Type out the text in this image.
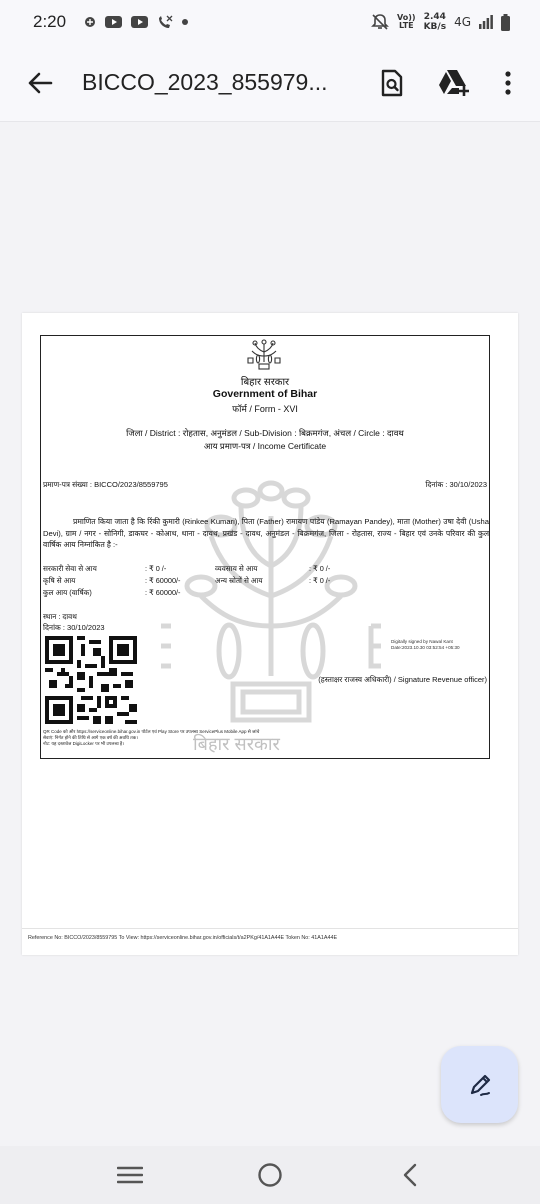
2:20	Vo))
LTE
2.44
KB/s 4G
BICCO_2023_855979...
बिहार सरकार
बिहार सरकार
Government of Bihar
फॉर्म / Form - XVI
जिला / District : रोहतास, अनुमंडल / Sub-Division : बिक्रमगंज, अंचल / Circle : दावथ
आय प्रमाण-पत्र / Income Certificate
प्रमाण-पत्र संख्या : BICCO/2023/8559795	दिनांक : 30/10/2023
प्रमाणित किया जाता है कि रिंकी कुमारी (Rinkee Kumari), पिता (Father) रामायण पांडेय (Ramayan Pandey), माता (Mother) उषा देवी (Usha Devi), ग्राम / नगर - सोनिगी, डाकघर - कोआथ, थाना - दावथ, प्रखंड - दावथ, अनुमंडल - बिक्रमगंज, जिला - रोहतास, राज्य - बिहार एवं उनके परिवार की कुल वार्षिक आय निम्नांकित है :-
सरकारी सेवा से आय	: ₹ 0 /-	व्यवसाय से आय	: ₹ 0 /-
कृषि से आय	: ₹ 60000/-	अन्य स्रोतों से आय	: ₹ 0 /-
कुल आय (वार्षिक)	: ₹ 60000/-
स्थान : दावथ
दिनांक : 30/10/2023
Digitally signed by Nawal Kant
Date:2023.10.30 03:52:54 +05:30
(हस्ताक्षर राजस्व अधिकारी) / Signature Revenue officer)
QR Code को और https://serviceonline.bihar.gov.in पोर्टल एवं Play Store पर उपलब्ध ServicePlus Mobile App से जांचे
सेवाएं: निर्गत होने की तिथि से आगे एक वर्ष की अवधि तक।
नोट: यह दस्तावेज DigiLocker पर भी उपलब्ध है।
Reference No: BICCO/2023/8559795 To View: https://serviceonline.bihar.gov.in/officials/t/a2PKg/41A1A44E Token No: 41A1A44E
